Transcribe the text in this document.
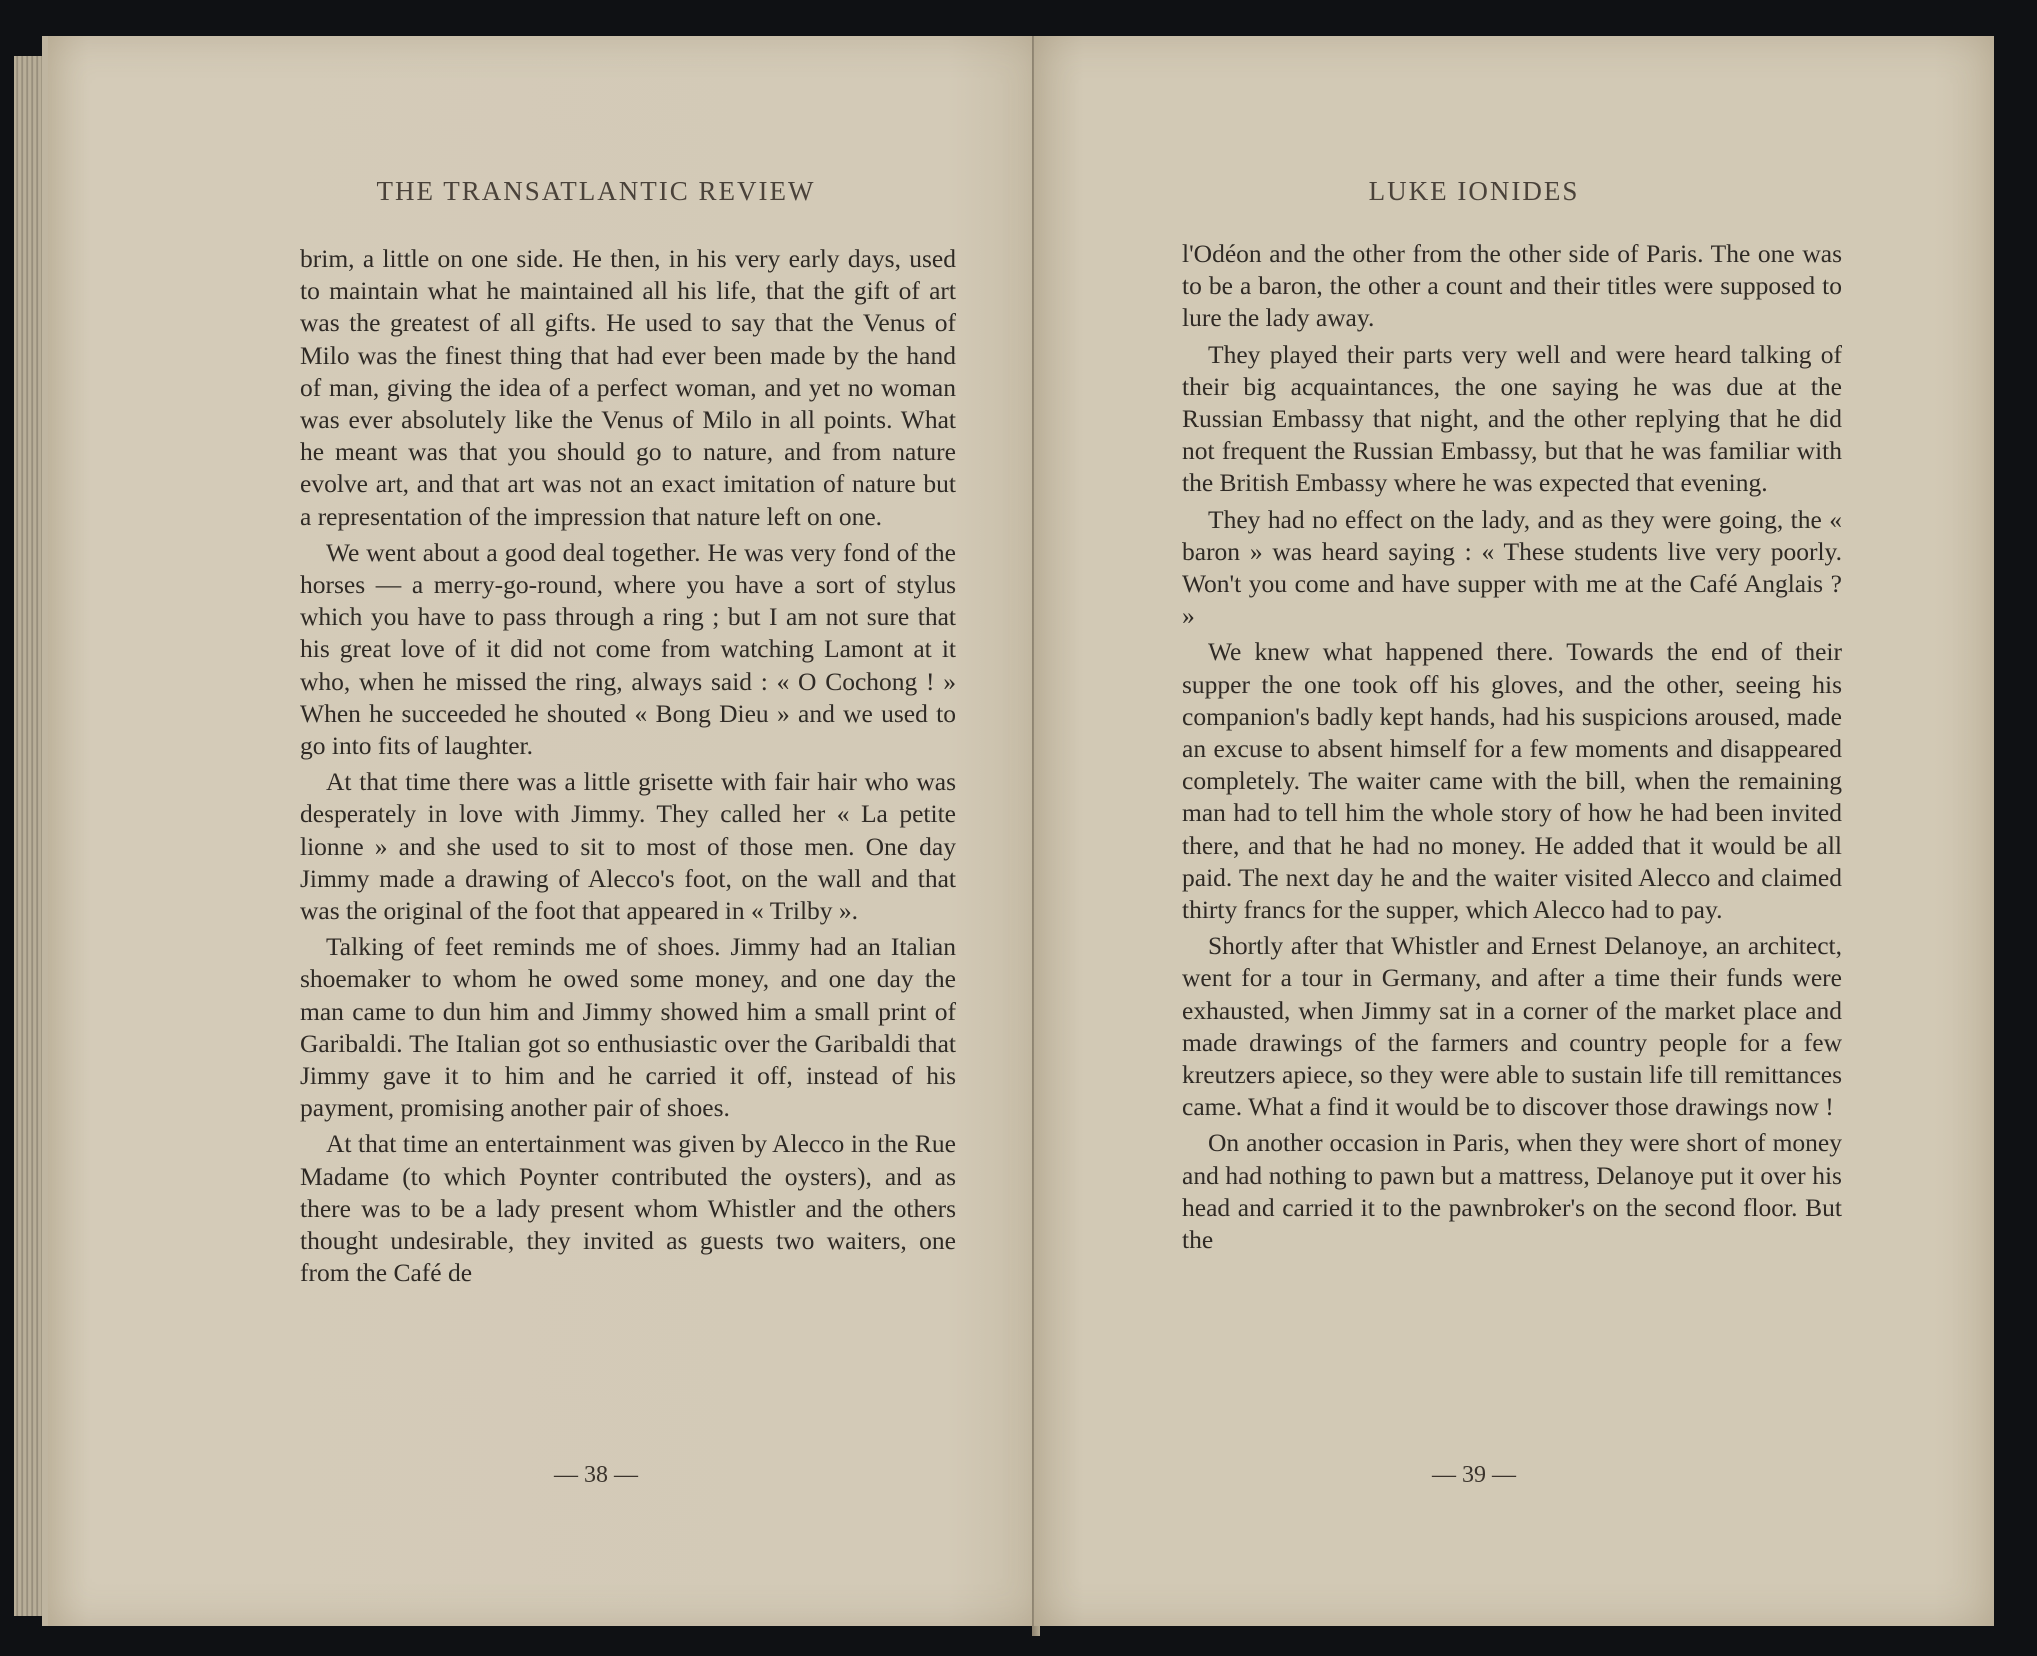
THE TRANSATLANTIC REVIEW

brim, a little on one side. He then, in his very early days, used to maintain what he maintained all his life, that the gift of art was the greatest of all gifts. He used to say that the Venus of Milo was the finest thing that had ever been made by the hand of man, giving the idea of a perfect woman, and yet no woman was ever absolutely like the Venus of Milo in all points. What he meant was that you should go to nature, and from nature evolve art, and that art was not an exact imitation of nature but a representation of the impression that nature left on one.

We went about a good deal together. He was very fond of the horses — a merry-go-round, where you have a sort of stylus which you have to pass through a ring ; but I am not sure that his great love of it did not come from watching Lamont at it who, when he missed the ring, always said : « O Cochong ! » When he succeeded he shouted « Bong Dieu » and we used to go into fits of laughter.

At that time there was a little grisette with fair hair who was desperately in love with Jimmy. They called her « La petite lionne » and she used to sit to most of those men. One day Jimmy made a drawing of Alecco's foot, on the wall and that was the original of the foot that appeared in « Trilby ».

Talking of feet reminds me of shoes. Jimmy had an Italian shoemaker to whom he owed some money, and one day the man came to dun him and Jimmy showed him a small print of Garibaldi. The Italian got so enthusiastic over the Garibaldi that Jimmy gave it to him and he carried it off, instead of his payment, promising another pair of shoes.

At that time an entertainment was given by Alecco in the Rue Madame (to which Poynter contributed the oysters), and as there was to be a lady present whom Whistler and the others thought undesirable, they invited as guests two waiters, one from the Café de

— 38 —
LUKE IONIDES

l'Odéon and the other from the other side of Paris. The one was to be a baron, the other a count and their titles were supposed to lure the lady away.

They played their parts very well and were heard talking of their big acquaintances, the one saying he was due at the Russian Embassy that night, and the other replying that he did not frequent the Russian Embassy, but that he was familiar with the British Embassy where he was expected that evening.

They had no effect on the lady, and as they were going, the « baron » was heard saying : « These students live very poorly. Won't you come and have supper with me at the Café Anglais ? »

We knew what happened there. Towards the end of their supper the one took off his gloves, and the other, seeing his companion's badly kept hands, had his suspicions aroused, made an excuse to absent himself for a few moments and disappeared completely. The waiter came with the bill, when the remaining man had to tell him the whole story of how he had been invited there, and that he had no money. He added that it would be all paid. The next day he and the waiter visited Alecco and claimed thirty francs for the supper, which Alecco had to pay.

Shortly after that Whistler and Ernest Delanoye, an architect, went for a tour in Germany, and after a time their funds were exhausted, when Jimmy sat in a corner of the market place and made drawings of the farmers and country people for a few kreutzers apiece, so they were able to sustain life till remittances came. What a find it would be to discover those drawings now !

On another occasion in Paris, when they were short of money and had nothing to pawn but a mattress, Delanoye put it over his head and carried it to the pawnbroker's on the second floor. But the

— 39 —
